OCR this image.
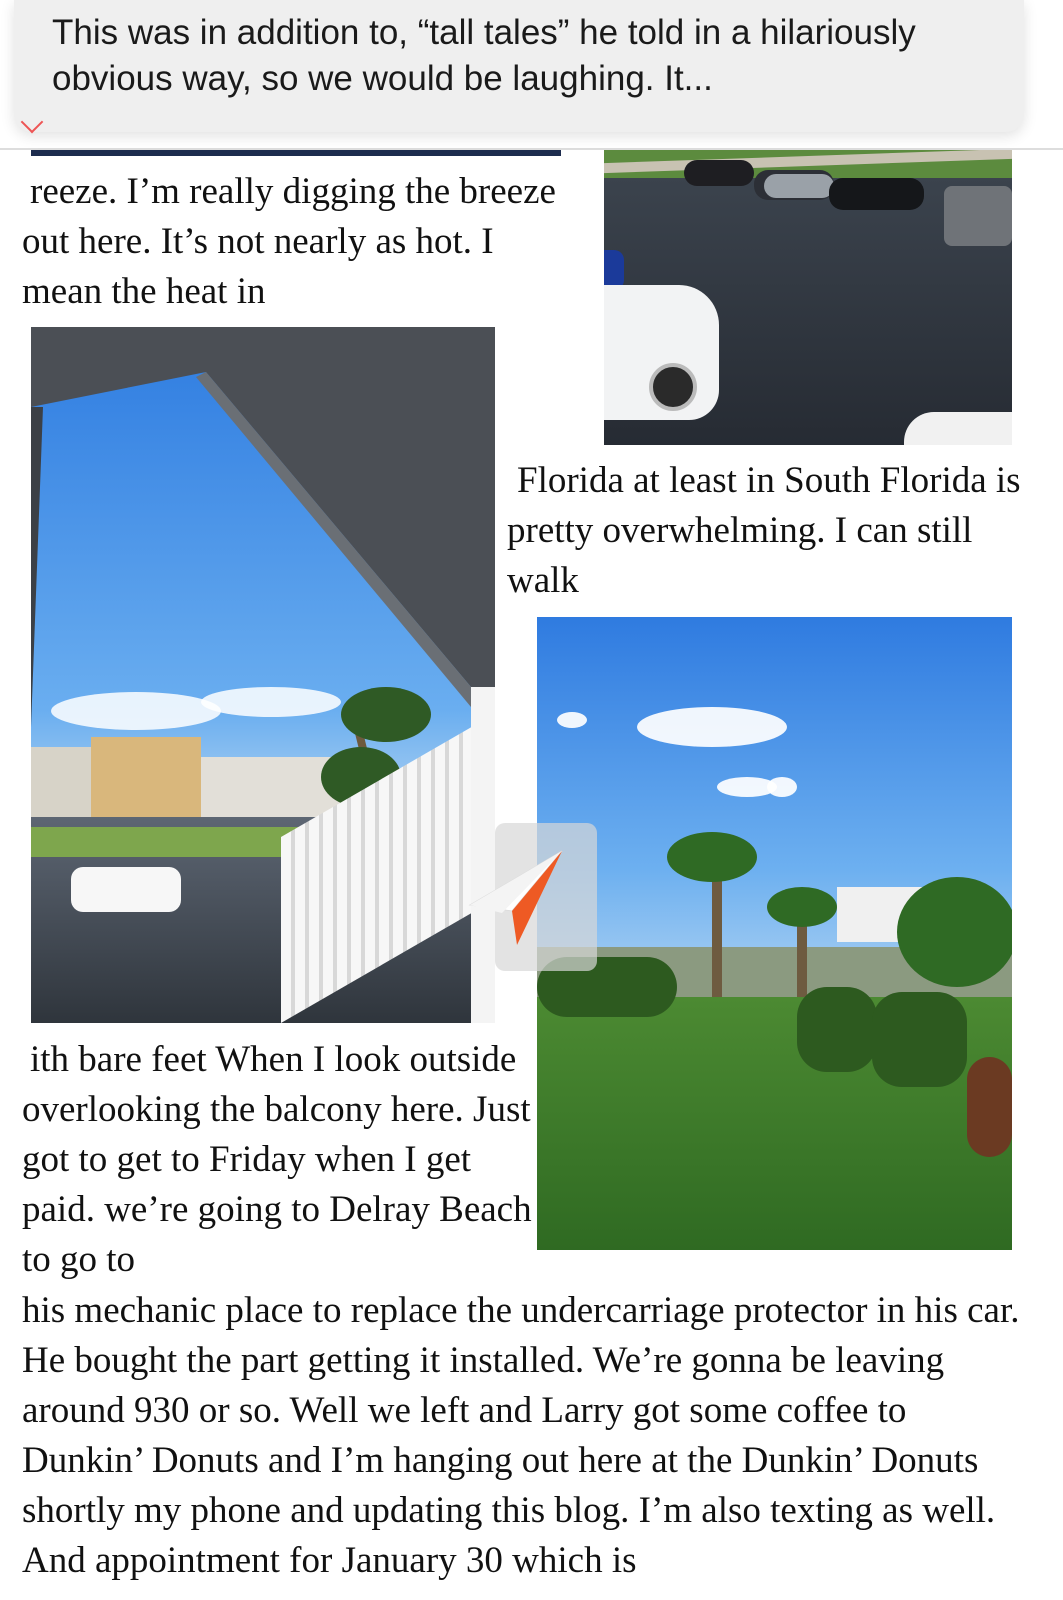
This was in addition to, “tall tales” he told in a hilariously obvious way, so we would be laughing. It...

reeze. I’m really digging the breeze out here. It’s not nearly as hot. I mean the heat in

Florida at least in South Florida is pretty overwhelming. I can still walk

ith bare feet When I look outside overlooking the balcony here. Just got to get to Friday when I get paid. we’re going to Delray Beach to go to

his mechanic place to replace the undercarriage protector in his car. He bought the part getting it installed. We’re gonna be leaving around 930 or so. Well we left and Larry got some coffee to Dunkin’ Donuts and I’m hanging out here at the Dunkin’ Donuts shortly my phone and updating this blog. I’m also texting as well. And appointment for January 30 which is
